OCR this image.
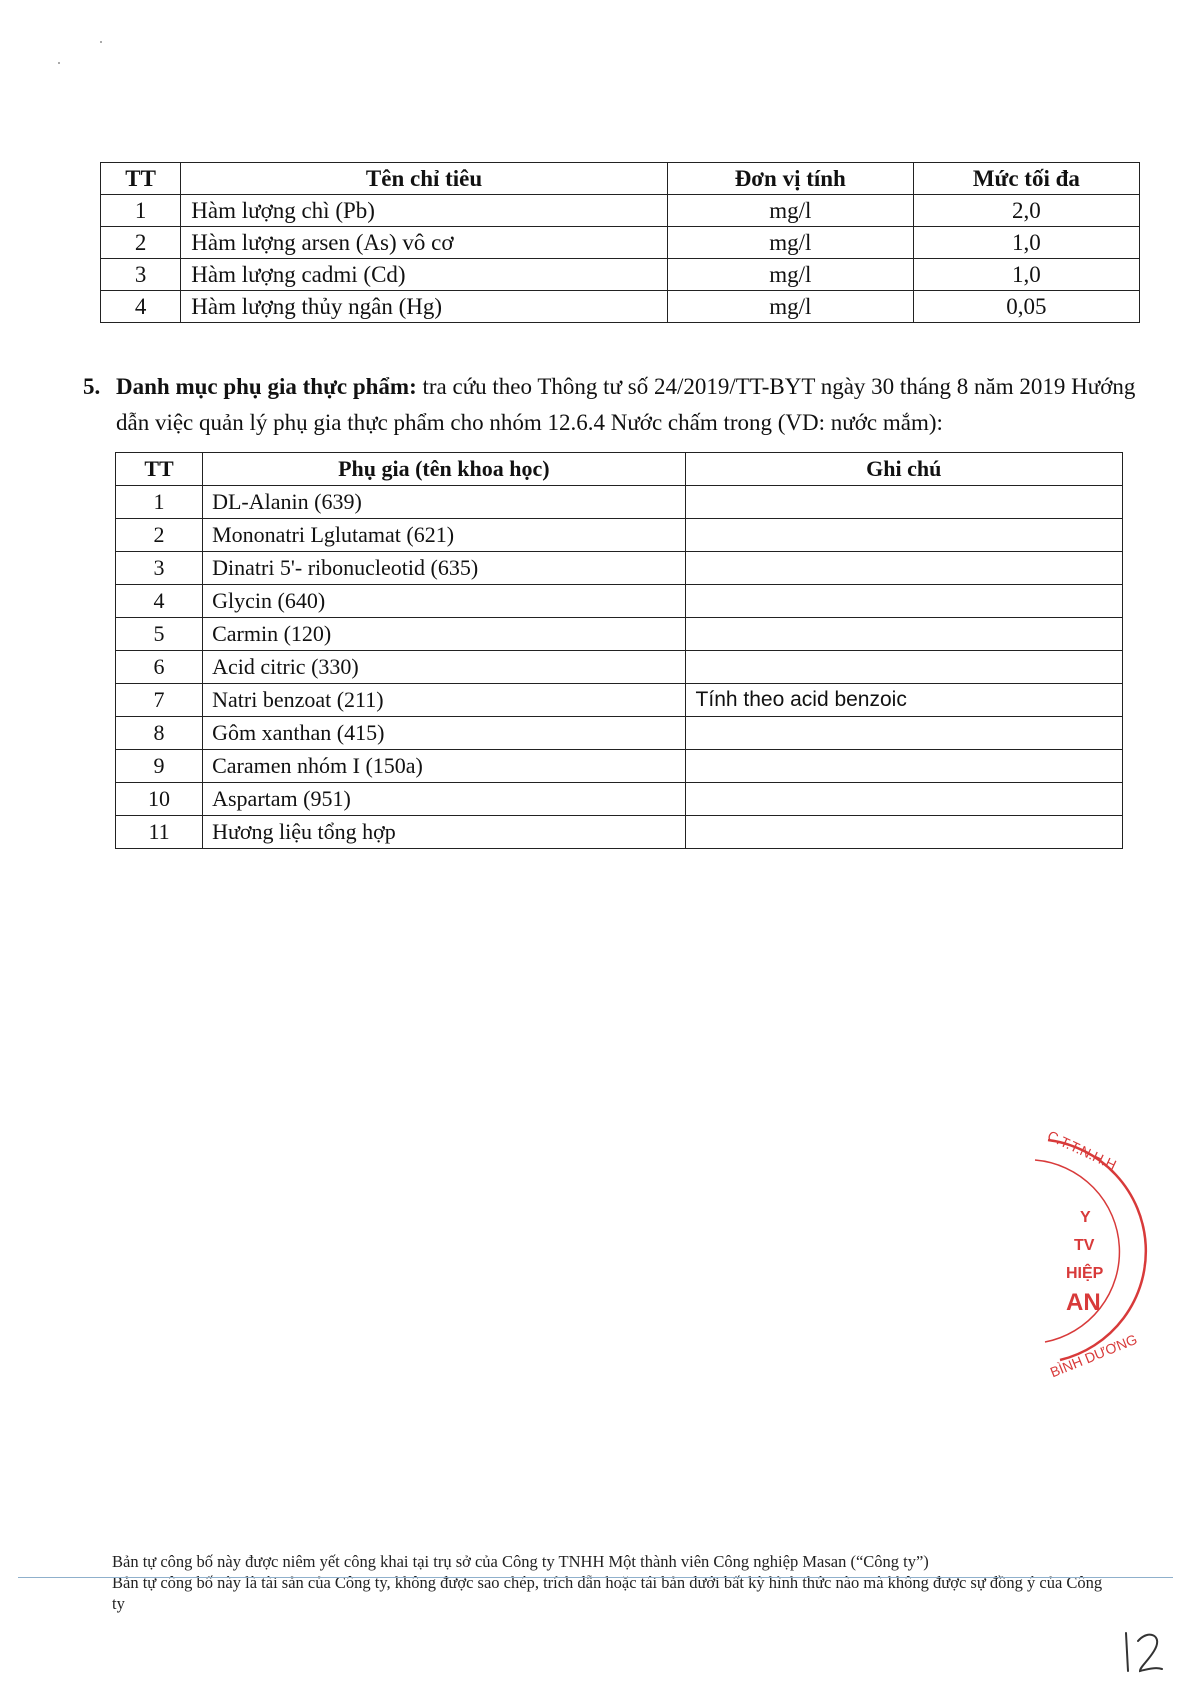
TT	Tên chỉ tiêu	Đơn vị tính	Mức tối đa
1	Hàm lượng chì (Pb)	mg/l	2,0
2	Hàm lượng arsen (As) vô cơ	mg/l	1,0
3	Hàm lượng cadmi (Cd)	mg/l	1,0
4	Hàm lượng thủy ngân (Hg)	mg/l	0,05
5. Danh mục phụ gia thực phẩm: tra cứu theo Thông tư số 24/2019/TT-BYT ngày 30 tháng 8 năm 2019 Hướng dẫn việc quản lý phụ gia thực phẩm cho nhóm 12.6.4 Nước chấm trong (VD: nước mắm):
TT	Phụ gia (tên khoa học)	Ghi chú
1	DL-Alanin (639)	
2	Mononatri Lglutamat (621)	
3	Dinatri 5'- ribonucleotid (635)	
4	Glycin (640)	
5	Carmin (120)	
6	Acid citric (330)	
7	Natri benzoat (211)	Tính theo acid benzoic
8	Gôm xanthan (415)	
9	Caramen nhóm I (150a)	
10	Aspartam (951)	
11	Hương liệu tổng hợp	
C.T.T.N.H.H
Y
TV
HIỆP
AN
BÌNH DƯƠNG
Bản tự công bố này được niêm yết công khai tại trụ sở của Công ty TNHH Một thành viên Công nghiệp Masan (“Công ty”)
Bản tự công bố này là tài sản của Công ty, không được sao chép, trích dẫn hoặc tái bản dưới bất kỳ hình thức nào mà không được sự đồng ý của Công ty
